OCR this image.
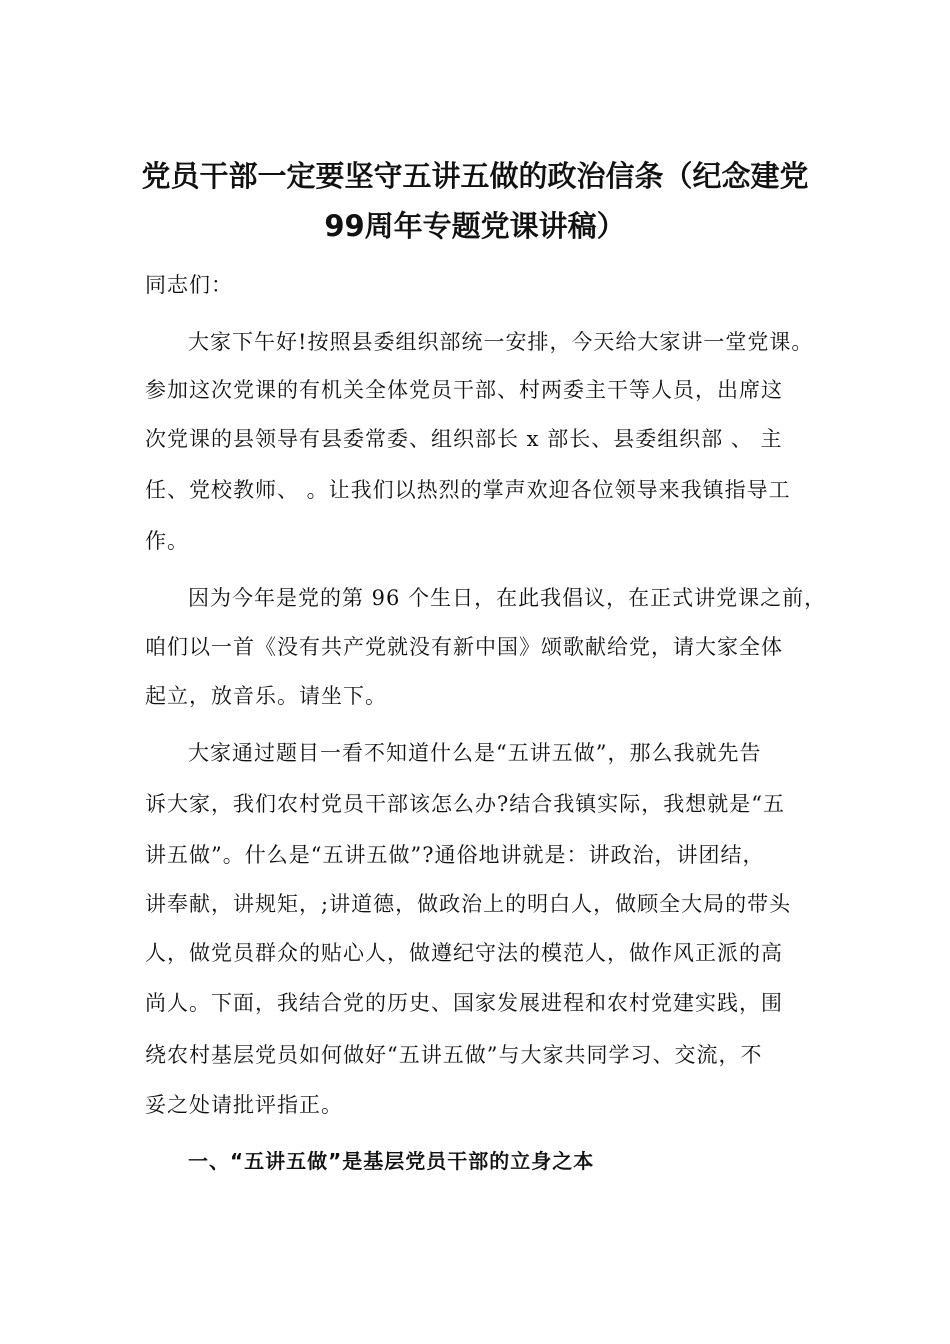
党员干部一定要坚守五讲五做的政治信条（纪念建党
99周年专题党课讲稿）
同志们：
大家下午好!按照县委组织部统一安排，今天给大家讲一堂党课。
参加这次党课的有机关全体党员干部、村两委主干等人员，出席这
次党课的县领导有县委常委、组织部长 x 部长、县委组织部 、 主
任、党校教师、 。让我们以热烈的掌声欢迎各位领导来我镇指导工
作。
因为今年是党的第 96 个生日，在此我倡议，在正式讲党课之前，
咱们以一首《没有共产党就没有新中国》颂歌献给党，请大家全体
起立，放音乐。请坐下。
大家通过题目一看不知道什么是“五讲五做”，那么我就先告
诉大家，我们农村党员干部该怎么办?结合我镇实际，我想就是“五
讲五做”。什么是“五讲五做”?通俗地讲就是：讲政治，讲团结，
讲奉献，讲规矩，;讲道德，做政治上的明白人，做顾全大局的带头
人，做党员群众的贴心人，做遵纪守法的模范人，做作风正派的高
尚人。下面，我结合党的历史、国家发展进程和农村党建实践，围
绕农村基层党员如何做好“五讲五做”与大家共同学习、交流，不
妥之处请批评指正。
一、“五讲五做”是基层党员干部的立身之本
